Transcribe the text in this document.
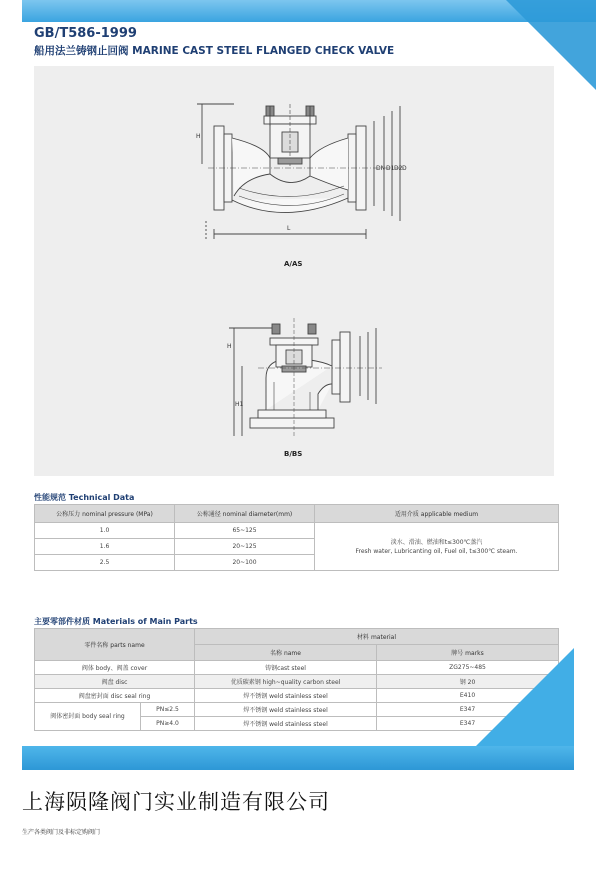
GB/T586-1999
船用法兰铸钢止回阀 MARINE CAST STEEL FLANGED CHECK VALVE
H
L
DN D1 D2 D
H
H1
A/AS
B/BS
性能规范 Technical Data
公称压力 nominal pressure (MPa)	公称通径 nominal diameter(mm)	适用介质 applicable medium
1.0	65~125	淡水、滑油、燃油和t≤300℃蒸汽
Fresh water, Lubricanting oil, Fuel oil, t≤300℃ steam.

1.6	20~125	
2.5	20~100	
主要零部件材质 Materials of Main Parts
零件名称 parts name		材料 material	
		名称 name	牌号 marks
阀体 body、阀盖 cover		铸钢cast steel	ZG275~485
阀盘 disc		优质碳素钢 high~quality carbon steel	钢 20
阀盘密封面 disc seal ring		焊不锈钢 weld stainless steel	E410
阀体密封面 body seal ring	PN≤2.5	焊不锈钢 weld stainless steel	E347
	PN≥4.0	焊不锈钢 weld stainless steel	E347
上海陨隆阀门实业制造有限公司
生产各类阀门及非标定购阀门
